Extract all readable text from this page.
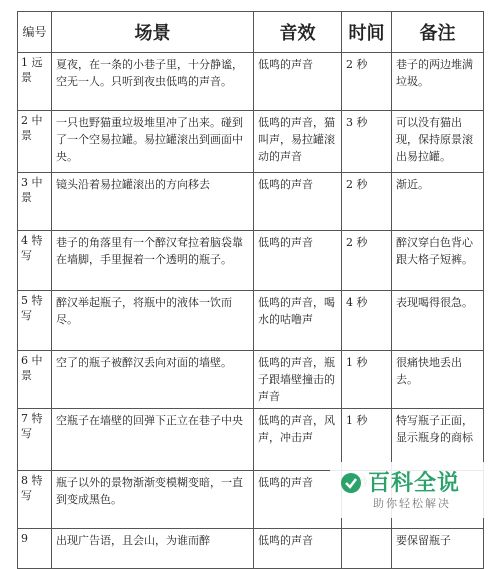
编号	场景	音效	时间	备注
1 远景	夏夜，在一条的小巷子里，十分静谧，空无一人。只听到夜虫低鸣的声音。	低鸣的声音	2 秒	巷子的两边堆满垃圾。
2 中景	一只也野猫重垃圾堆里冲了出来。碰到了一个空易拉罐。易拉罐滚出到画面中央。	低鸣的声音，猫叫声，易拉罐滚动的声音	3 秒	可以没有猫出现，保持原景滚出易拉罐。
3 中景	镜头沿着易拉罐滚出的方向移去	低鸣的声音	2 秒	渐近。
4 特写	巷子的角落里有一个醉汉耷拉着脑袋靠在墙脚，手里握着一个透明的瓶子。	低鸣的声音	2 秒	醉汉穿白色背心跟大格子短裤。
5 特写	醉汉举起瓶子，将瓶中的液体一饮而尽。	低鸣的声音，喝水的咕噜声	4 秒	表现喝得很急。
6 中景	空了的瓶子被醉汉丢向对面的墙壁。	低鸣的声音，瓶子跟墙壁撞击的声音	1 秒	很痛快地丢出去。
7 特写	空瓶子在墙壁的回弹下正立在巷子中央	低鸣的声音，风声，冲击声	1 秒	特写瓶子正面，显示瓶身的商标
8 特写	瓶子以外的景物渐渐变模糊变暗，一直到变成黑色。	低鸣的声音		
9	出现广告语，且会山，为谁而醉	低鸣的声音		要保留瓶子
百科全说
助你轻松解决
